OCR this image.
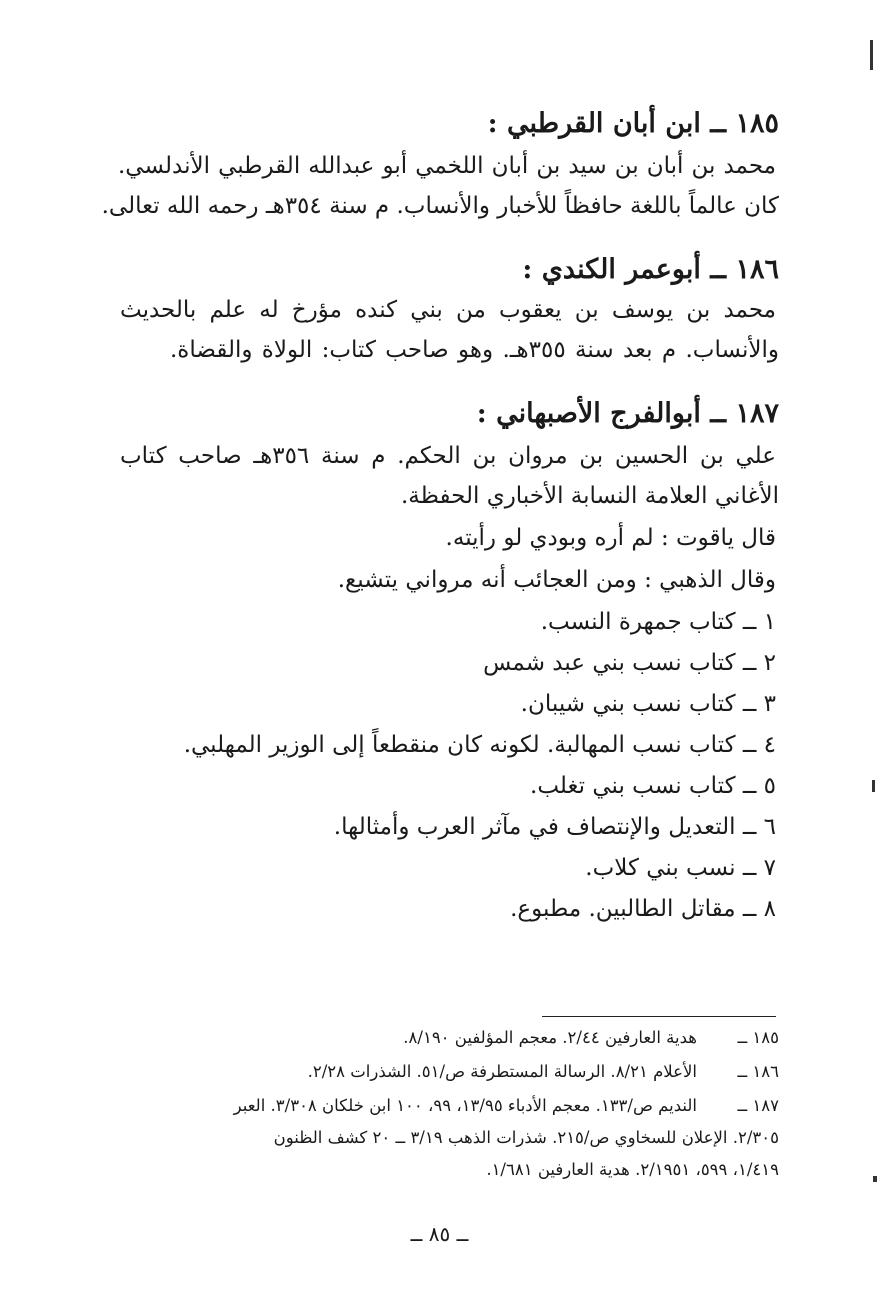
١٨٥ ــ ابن أبان القرطبي :
محمد بن أبان بن سيد بن أبان اللخمي أبو عبدالله القرطبي الأندلسي.
كان عالماً باللغة حافظاً للأخبار والأنساب. م سنة ٣٥٤هـ رحمه الله تعالى.
١٨٦ ــ أبوعمر الكندي :
محمد بن يوسف بن يعقوب من بني كنده مؤرخ له علم بالحديث
والأنساب. م بعد سنة ٣٥٥هـ. وهو صاحب كتاب: الولاة والقضاة.
١٨٧ ــ أبوالفرج الأصبهاني :
علي بن الحسين بن مروان بن الحكم. م سنة ٣٥٦هـ صاحب كتاب
الأغاني العلامة النسابة الأخباري الحفظة.
قال ياقوت : لم أره وبودي لو رأيته.
وقال الذهبي : ومن العجائب أنه مرواني يتشيع.
١ ــ كتاب جمهرة النسب.
٢ ــ كتاب نسب بني عبد شمس
٣ ــ كتاب نسب بني شيبان.
٤ ــ كتاب نسب المهالبة. لكونه كان منقطعاً إلى الوزير المهلبي.
٥ ــ كتاب نسب بني تغلب.
٦ ــ التعديل والإنتصاف في مآثر العرب وأمثالها.
٧ ــ نسب بني كلاب.
٨ ــ مقاتل الطالبين. مطبوع.
١٨٥ ــ
هدية العارفين ٢/٤٤. معجم المؤلفين ٨/١٩٠.
١٨٦ ــ
الأعلام ٨/٢١. الرسالة المستطرفة ص/٥١. الشذرات ٢/٢٨.
١٨٧ ــ
النديم ص/١٣٣. معجم الأدباء ١٣/٩٥، ٩٩، ١٠٠ ابن خلكان ٣/٣٠٨. العبر
٢/٣٠٥. الإعلان للسخاوي ص/٢١٥. شذرات الذهب ٣/١٩ ــ ٢٠ كشف الظنون
١/٤١٩، ٥٩٩، ٢/١٩٥١. هدية العارفين ١/٦٨١.
ــ ٨٥ ــ
